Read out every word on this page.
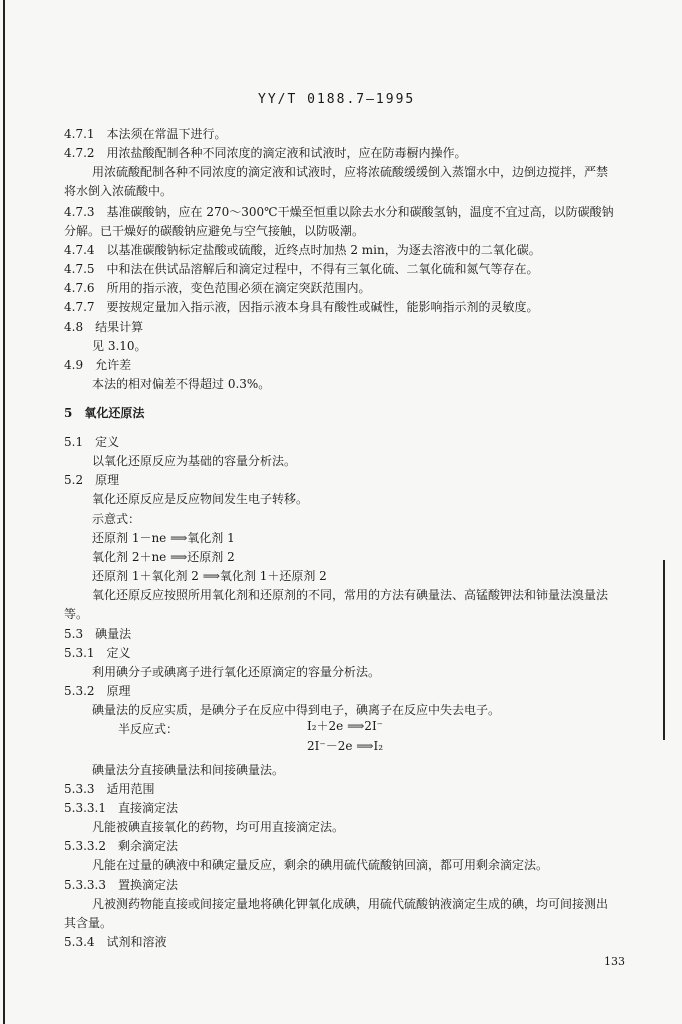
YY/T 0188.7—1995
4.7.1　本法须在常温下进行。
4.7.2　用浓盐酸配制各种不同浓度的滴定液和试液时，应在防毒橱内操作。
用浓硫酸配制各种不同浓度的滴定液和试液时，应将浓硫酸缓缓倒入蒸馏水中，边倒边搅拌，严禁
将水倒入浓硫酸中。
4.7.3　基准碳酸钠，应在 270～300℃干燥至恒重以除去水分和碳酸氢钠，温度不宜过高，以防碳酸钠
分解。已干燥好的碳酸钠应避免与空气接触，以防吸潮。
4.7.4　以基准碳酸钠标定盐酸或硫酸，近终点时加热 2 min，为逐去溶液中的二氧化碳。
4.7.5　中和法在供试品溶解后和滴定过程中，不得有三氧化硫、二氧化硫和氮气等存在。
4.7.6　所用的指示液，变色范围必须在滴定突跃范围内。
4.7.7　要按规定量加入指示液，因指示液本身具有酸性或碱性，能影响指示剂的灵敏度。
4.8　结果计算
见 3.10。
4.9　允许差
本法的相对偏差不得超过 0.3%。
5　氧化还原法
5.1　定义
以氧化还原反应为基础的容量分析法。
5.2　原理
氧化还原反应是反应物间发生电子转移。
示意式：
还原剂 1－ne ⟹氧化剂 1
氧化剂 2＋ne ⟹还原剂 2
还原剂 1＋氧化剂 2 ⟹氧化剂 1＋还原剂 2
氧化还原反应按照所用氧化剂和还原剂的不同，常用的方法有碘量法、高锰酸钾法和铈量法溴量法
等。
5.3　碘量法
5.3.1　定义
利用碘分子或碘离子进行氧化还原滴定的容量分析法。
5.3.2　原理
碘量法的反应实质，是碘分子在反应中得到电子，碘离子在反应中失去电子。
半反应式：	I₂＋2e ⟹2I⁻
2I⁻－2e ⟹I₂
碘量法分直接碘量法和间接碘量法。
5.3.3　适用范围
5.3.3.1　直接滴定法
凡能被碘直接氧化的药物，均可用直接滴定法。
5.3.3.2　剩余滴定法
凡能在过量的碘液中和碘定量反应，剩余的碘用硫代硫酸钠回滴，都可用剩余滴定法。
5.3.3.3　置换滴定法
凡被测药物能直接或间接定量地将碘化钾氧化成碘，用硫代硫酸钠液滴定生成的碘，均可间接测出
其含量。
5.3.4　试剂和溶液
133
